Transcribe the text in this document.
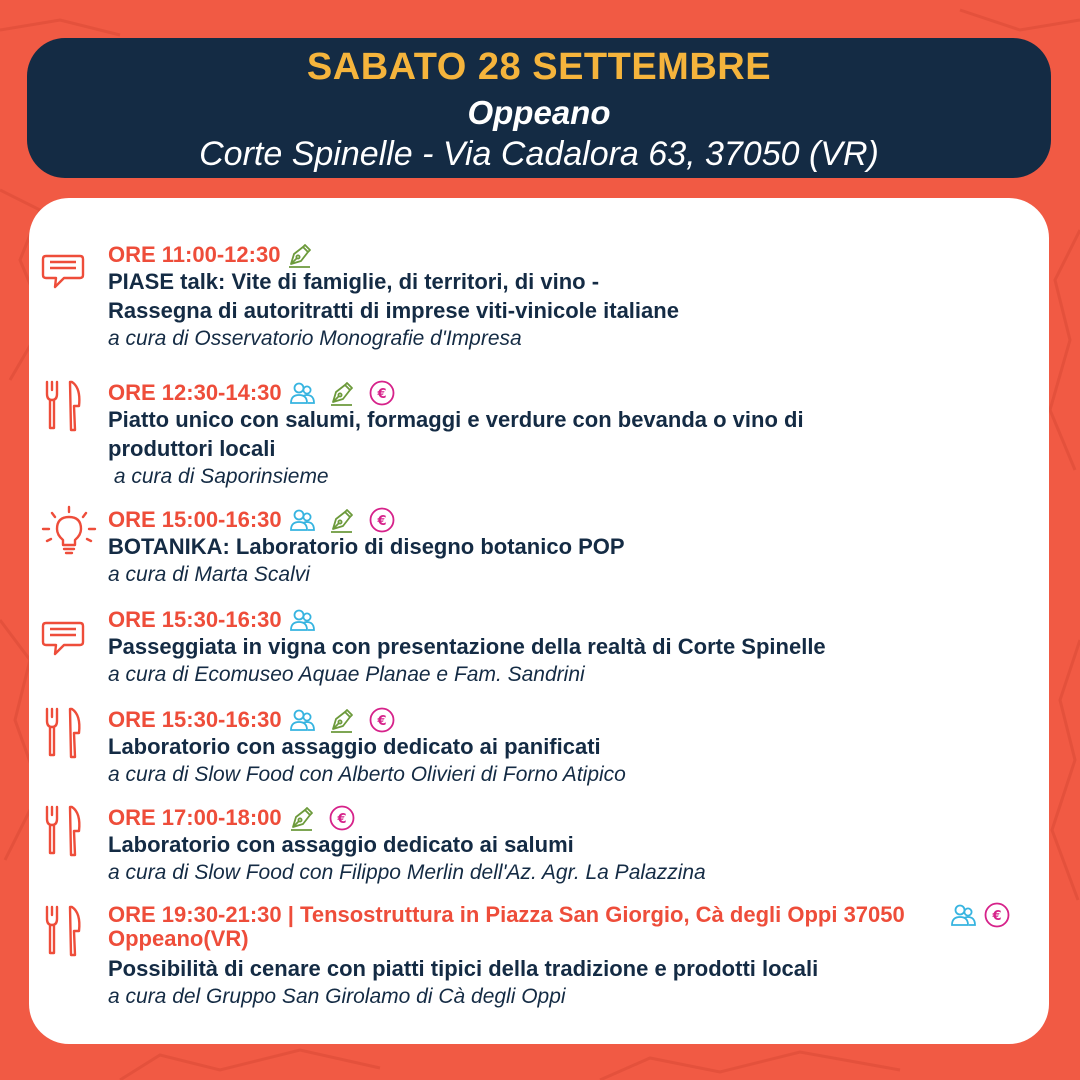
SABATO 28 SETTEMBRE
Oppeano
Corte Spinelle - Via Cadalora 63, 37050 (VR)
ORE 11:00-12:30
PIASE talk: Vite di famiglie, di territori, di vino -
Rassegna di autoritratti di imprese viti-vinicole italiane
a cura di Osservatorio Monografie d'Impresa
ORE 12:30-14:30	€
Piatto unico con salumi, formaggi e verdure con bevanda o vino di
produttori locali
a cura di Saporinsieme
ORE 15:00-16:30	€
BOTANIKA: Laboratorio di disegno botanico POP
a cura di Marta Scalvi
ORE 15:30-16:30
Passeggiata in vigna con presentazione della realtà di Corte Spinelle
a cura di Ecomuseo Aquae Planae e Fam. Sandrini
ORE 15:30-16:30	€
Laboratorio con assaggio dedicato ai panificati
a cura di Slow Food con Alberto Olivieri di Forno Atipico
ORE 17:00-18:00	€
Laboratorio con assaggio dedicato ai salumi
a cura di Slow Food con Filippo Merlin dell'Az. Agr. La Palazzina
ORE 19:30-21:30 | Tensostruttura in Piazza San Giorgio, Cà degli Oppi 37050 Oppeano(VR)
€
Possibilità di cenare con piatti tipici della tradizione e prodotti locali
a cura del Gruppo San Girolamo di Cà degli Oppi
